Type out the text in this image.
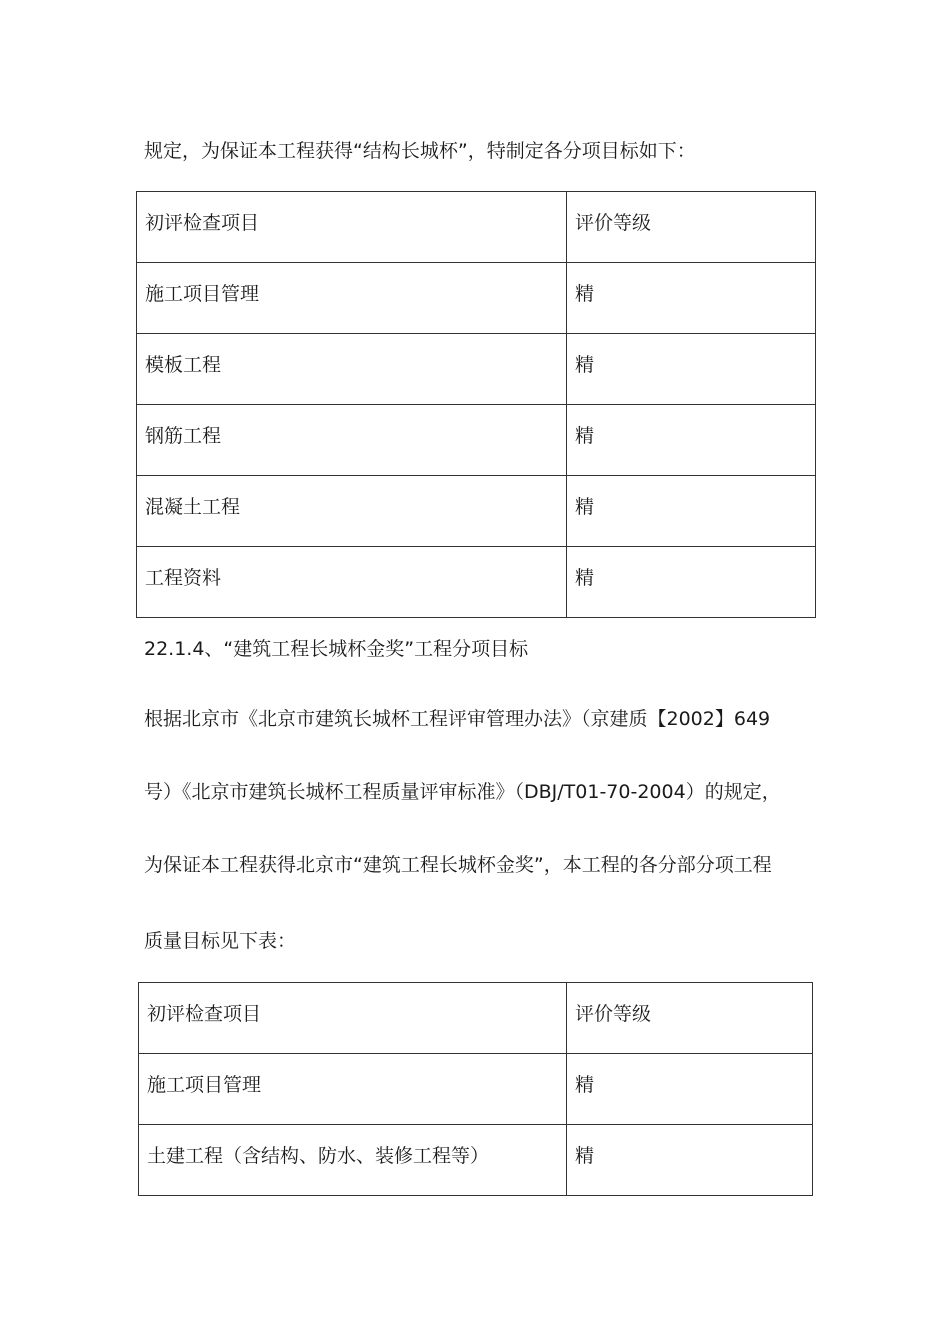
规定，为保证本工程获得“结构长城杯”，特制定各分项目标如下：
初评检查项目	评价等级
施工项目管理	精
模板工程	精
钢筋工程	精
混凝土工程	精
工程资料	精
22.1.4、“建筑工程长城杯金奖”工程分项目标
根据北京市《北京市建筑长城杯工程评审管理办法》（京建质【2002】649
号）《北京市建筑长城杯工程质量评审标准》（DBJ/T01-70-2004）的规定，
为保证本工程获得北京市“建筑工程长城杯金奖”，本工程的各分部分项工程
质量目标见下表：
初评检查项目	评价等级
施工项目管理	精
土建工程（含结构、防水、装修工程等）	精
